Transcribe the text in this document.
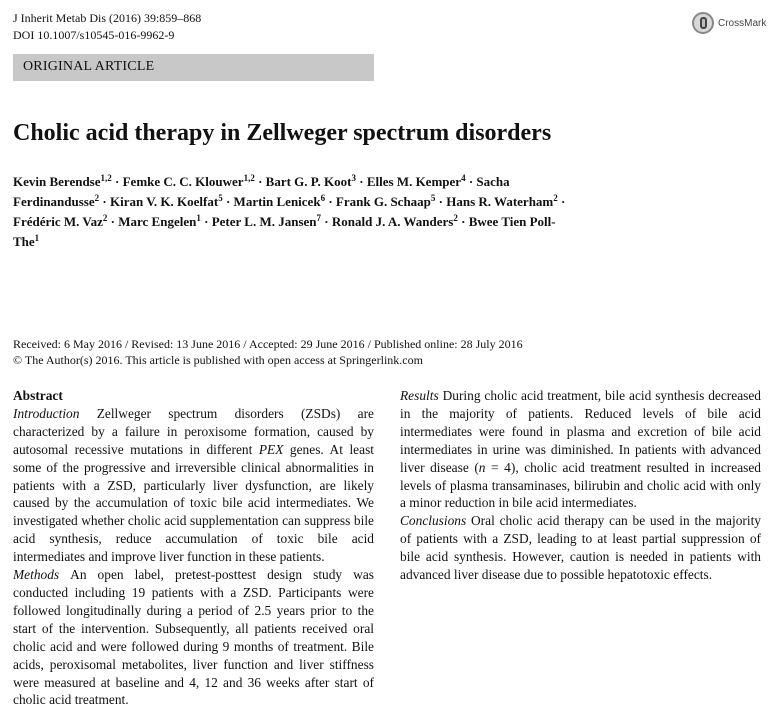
J Inherit Metab Dis (2016) 39:859–868
DOI 10.1007/s10545-016-9962-9
CrossMark
ORIGINAL ARTICLE
Cholic acid therapy in Zellweger spectrum disorders
Kevin Berendse$^{1,2}$ · Femke C. C. Klouwer$^{1,2}$ · Bart G. P. Koot$^3$ · Elles M. Kemper$^4$ · Sacha Ferdinandusse$^2$ · Kiran V. K. Koelfat$^5$ · Martin Lenicek$^6$ · Frank G. Schaap$^5$ · Hans R. Waterham$^2$ · Frédéric M. Vaz$^2$ · Marc Engelen$^1$ · Peter L. M. Jansen$^7$ · Ronald J. A. Wanders$^2$ · Bwee Tien Poll-The$^1$
Received: 6 May 2016 / Revised: 13 June 2016 / Accepted: 29 June 2016 / Published online: 28 July 2016
© The Author(s) 2016. This article is published with open access at Springerlink.com

Abstract

Introduction Zellweger spectrum disorders (ZSDs) are characterized by a failure in peroxisome formation, caused by autosomal recessive mutations in different PEX genes. At least some of the progressive and irreversible clinical abnormalities in patients with a ZSD, particularly liver dysfunction, are likely caused by the accumulation of toxic bile acid intermediates. We investigated whether cholic acid supplementation can suppress bile acid synthesis, reduce accumulation of toxic bile acid intermediates and improve liver function in these patients.

Methods An open label, pretest-posttest design study was conducted including 19 patients with a ZSD. Participants were followed longitudinally during a period of 2.5 years prior to the start of the intervention. Subsequently, all patients received oral cholic acid and were followed during 9 months of treatment. Bile acids, peroxisomal metabolites, liver function and liver stiffness were measured at baseline and 4, 12 and 36 weeks after start of cholic acid treatment.

Results During cholic acid treatment, bile acid synthesis decreased in the majority of patients. Reduced levels of bile acid intermediates were found in plasma and excretion of bile acid intermediates in urine was diminished. In patients with advanced liver disease (n = 4), cholic acid treatment resulted in increased levels of plasma transaminases, bilirubin and cholic acid with only a minor reduction in bile acid intermediates.

Conclusions Oral cholic acid therapy can be used in the majority of patients with a ZSD, leading to at least partial suppression of bile acid synthesis. However, caution is needed in patients with advanced liver disease due to possible hepatotoxic effects.
